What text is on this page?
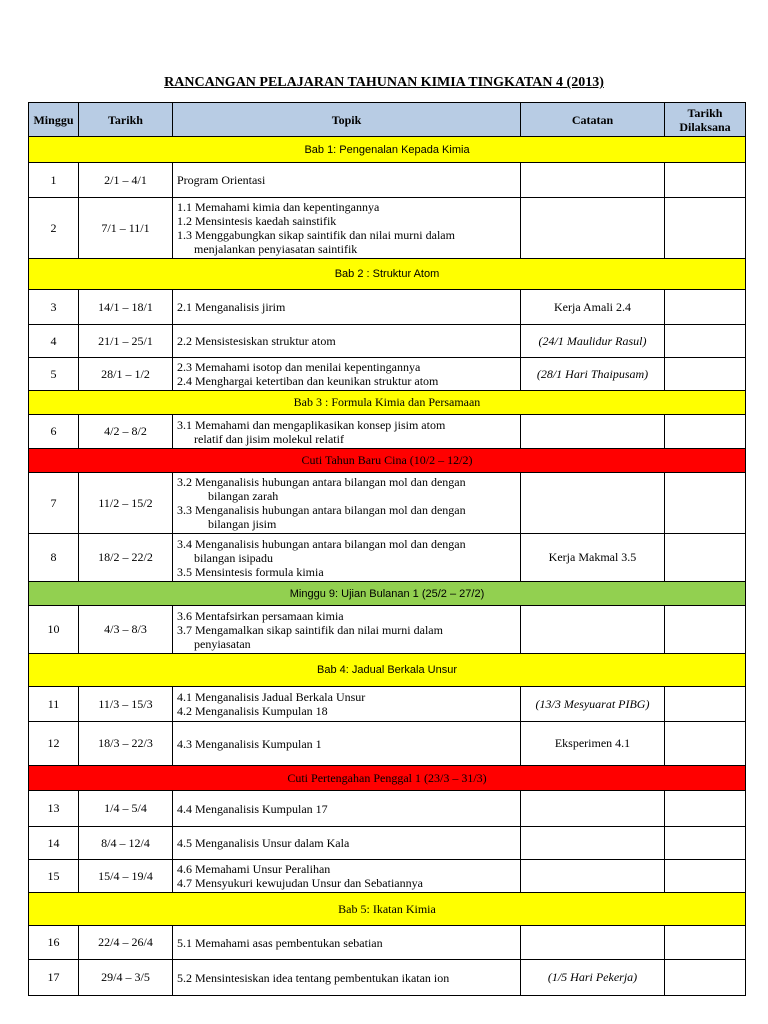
RANCANGAN PELAJARAN TAHUNAN KIMIA TINGKATAN 4 (2013)
Minggu	Tarikh	Topik	Catatan	Tarikh Dilaksana
Bab 1: Pengenalan Kepada Kimia				
1	2/1 – 4/1	Program Orientasi		

2	7/1 – 11/1	1.1 Memahami kimia dan kepentingannya
1.2 Mensintesis kaedah sainstifik
1.3 Menggabungkan sikap saintifik dan nilai murni dalam
menjalankan penyiasatan saintifik		

Bab 2 : Struktur Atom				
3	14/1 – 18/1	2.1 Menganalisis jirim	Kerja Amali 2.4	
4	21/1 – 25/1	2.2 Mensistesiskan struktur atom	(24/1 Maulidur Rasul)	
5	28/1 – 1/2	2.3 Memahami isotop dan menilai kepentingannya
2.4 Menghargai ketertiban dan keunikan struktur atom	(28/1 Hari Thaipusam)	
Bab 3 : Formula Kimia dan Persamaan				
6	4/2 – 8/2	3.1 Memahami dan mengaplikasikan konsep jisim atom
relatif dan jisim molekul relatif		

Cuti Tahun Baru Cina (10/2 – 12/2)				
7	11/2 – 15/2	3.2 Menganalisis hubungan antara bilangan mol dan dengan
bilangan zarah
3.3 Menganalisis hubungan antara bilangan mol dan dengan
bilangan jisim		

8	18/2 – 22/2	3.4 Menganalisis hubungan antara bilangan mol dan dengan
bilangan isipadu
3.5 Mensintesis formula kimia	Kerja Makmal 3.5	
Minggu 9: Ujian Bulanan 1 (25/2 – 27/2)				
10	4/3 – 8/3	3.6 Mentafsirkan persamaan kimia
3.7 Mengamalkan sikap saintifik dan nilai murni dalam
penyiasatan		

Bab 4: Jadual Berkala Unsur				
11	11/3 – 15/3	4.1 Menganalisis Jadual Berkala Unsur
4.2 Menganalisis Kumpulan 18	(13/3 Mesyuarat PIBG)	
12	18/3 – 22/3	4.3 Menganalisis Kumpulan 1	Eksperimen 4.1	
Cuti Pertengahan Penggal 1 (23/3 – 31/3)				
13	1/4 – 5/4	4.4 Menganalisis Kumpulan 17		

14	8/4 – 12/4	4.5 Menganalisis Unsur dalam Kala		

15	15/4 – 19/4	4.6 Memahami Unsur Peralihan
4.7 Mensyukuri kewujudan Unsur dan Sebatiannya		

Bab 5: Ikatan Kimia				
16	22/4 – 26/4	5.1 Memahami asas pembentukan sebatian		

17	29/4 – 3/5	5.2 Mensintesiskan idea tentang pembentukan ikatan ion	(1/5 Hari Pekerja)	
